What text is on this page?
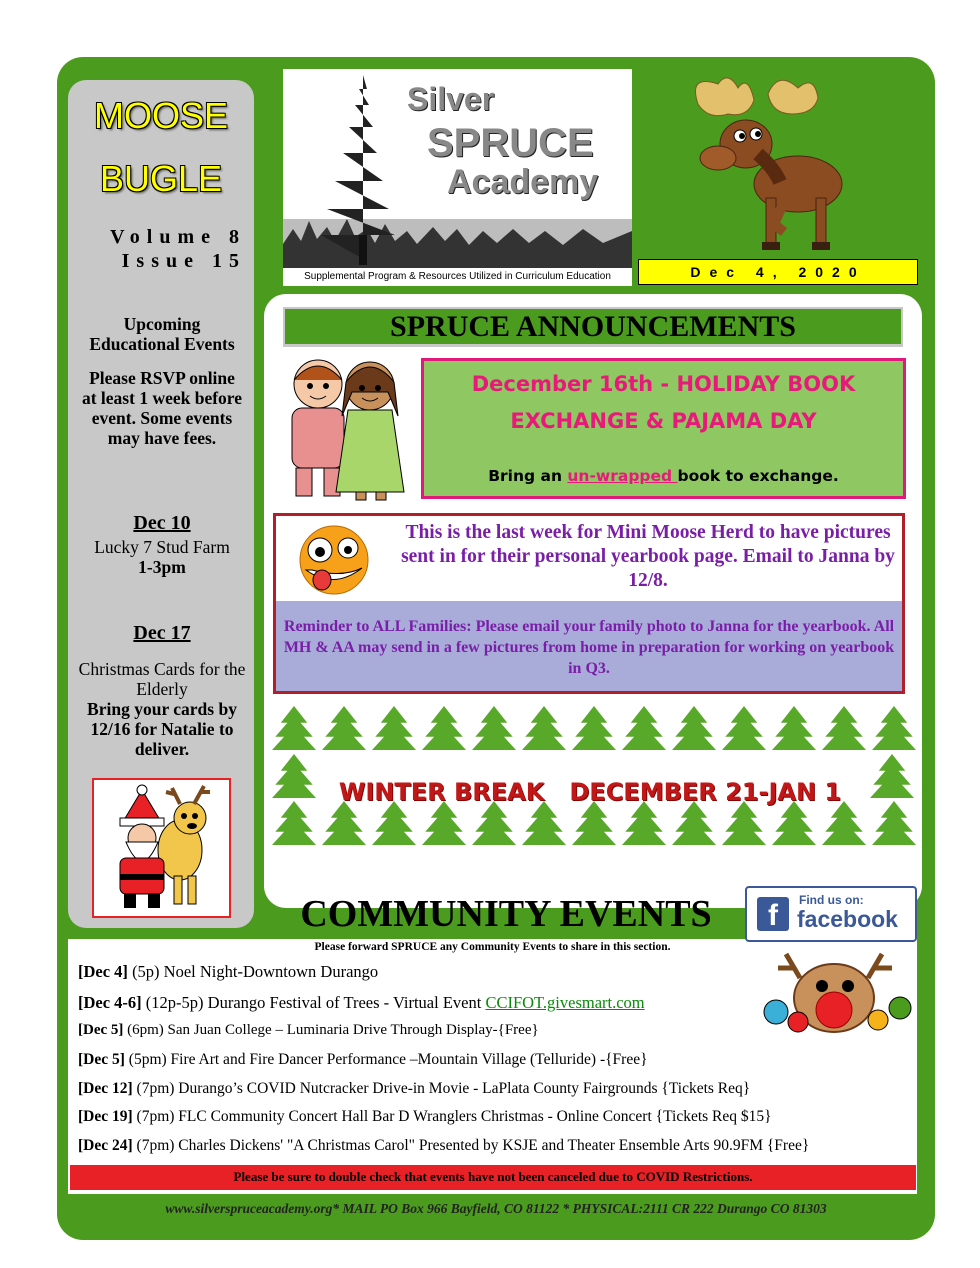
MOOSE
BUGLE
Volume 8
Issue 15
Upcoming Educational Events
Please RSVP online at least 1 week before event. Some events may have fees.
Dec 10
Lucky 7 Stud Farm
1-3pm
Dec 17
Christmas Cards for the Elderly
Bring your cards by 12/16 for Natalie to deliver.
Silver
SPRUCE
Academy
Supplemental Program & Resources Utilized in Curriculum Education	Dec 4, 2020
SPRUCE ANNOUNCEMENTS
December 16th - HOLIDAY BOOK
EXCHANGE & PAJAMA DAY
Bring an un-wrapped book to exchange.
This is the last week for Mini Moose Herd to have pictures sent in for their personal yearbook page. Email to Janna by 12/8.
Reminder to ALL Families: Please email your family photo to Janna for the yearbook. All MH & AA may send in a few pictures from home in preparation for working on yearbook in Q3.
WINTER BREAK   DECEMBER 21-JAN 1
COMMUNITY EVENTS	f	Find us on:
facebook
Please forward SPRUCE any Community Events to share in this section.
[Dec 4] (5p) Noel Night-Downtown Durango
[Dec 4-6] (12p-5p) Durango Festival of Trees - Virtual Event CCIFOT.givesmart.com
[Dec 5] (6pm) San Juan College – Luminaria Drive Through Display-{Free}
[Dec 5] (5pm) Fire Art and Fire Dancer Performance –Mountain Village (Telluride) -{Free}
[Dec 12] (7pm) Durango’s COVID Nutcracker Drive-in Movie - LaPlata County Fairgrounds {Tickets Req}
[Dec 19] (7pm) FLC Community Concert Hall Bar D Wranglers Christmas - Online Concert {Tickets Req $15}
[Dec 24] (7pm) Charles Dickens' "A Christmas Carol" Presented by KSJE and Theater Ensemble Arts 90.9FM {Free}
Please be sure to double check that events have not been canceled due to COVID Restrictions.
www.silverspruceacademy.org* MAIL PO Box 966 Bayfield, CO 81122 * PHYSICAL:2111 CR 222 Durango CO 81303
